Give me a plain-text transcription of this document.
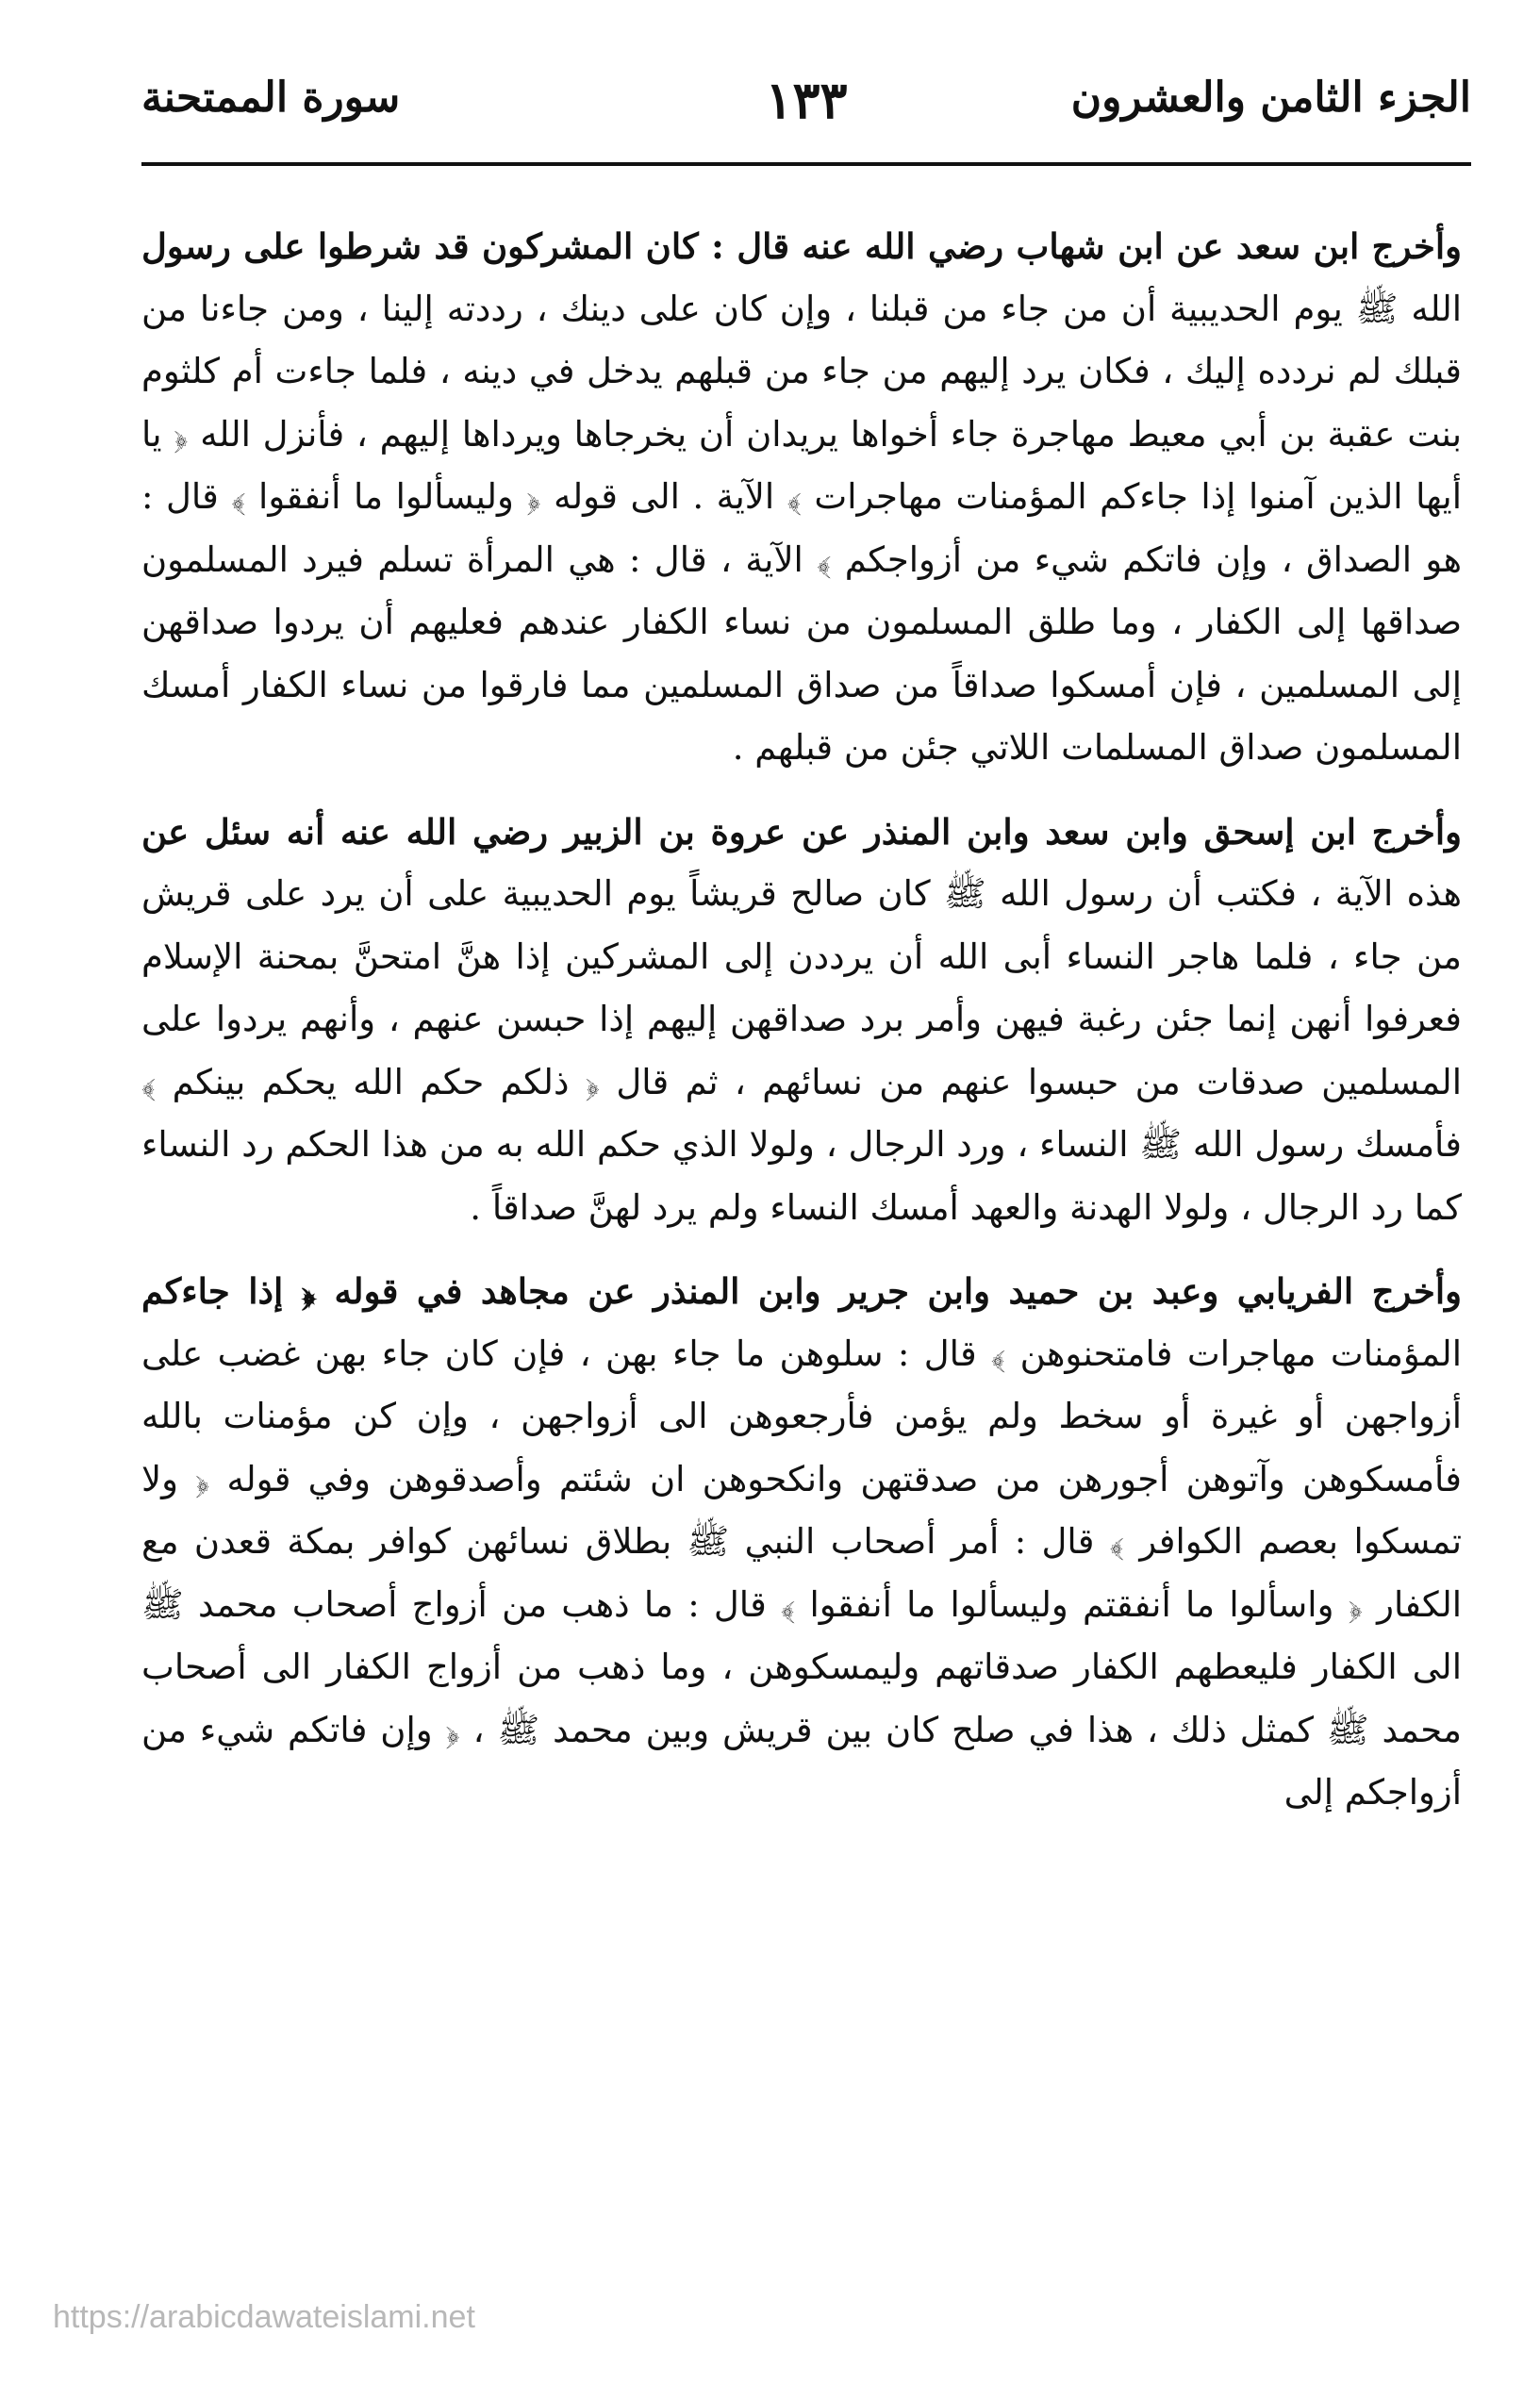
الجزء الثامن والعشرون
١٣٣
سورة الممتحنة

وأخرج ابن سعد عن ابن شهاب رضي الله عنه قال : كان المشركون قد شرطوا على رسول الله ﷺ يوم الحديبية أن من جاء من قبلنا ، وإن كان على دينك ، رددته إلينا ، ومن جاءنا من قبلك لم نردده إليك ، فكان يرد إليهم من جاء من قبلهم يدخل في دينه ، فلما جاءت أم كلثوم بنت عقبة بن أبي معيط مهاجرة جاء أخواها يريدان أن يخرجاها ويرداها إليهم ، فأنزل الله ﴿ يا أيها الذين آمنوا إذا جاءكم المؤمنات مهاجرات ﴾ الآية . الى قوله ﴿ وليسألوا ما أنفقوا ﴾ قال : هو الصداق ، وإن فاتكم شيء من أزواجكم ﴾ الآية ، قال : هي المرأة تسلم فيرد المسلمون صداقها إلى الكفار ، وما طلق المسلمون من نساء الكفار عندهم فعليهم أن يردوا صداقهن إلى المسلمين ، فإن أمسكوا صداقاً من صداق المسلمين مما فارقوا من نساء الكفار أمسك المسلمون صداق المسلمات اللاتي جئن من قبلهم .

وأخرج ابن إسحق وابن سعد وابن المنذر عن عروة بن الزبير رضي الله عنه أنه سئل عن هذه الآية ، فكتب أن رسول الله ﷺ كان صالح قريشاً يوم الحديبية على أن يرد على قريش من جاء ، فلما هاجر النساء أبى الله أن يرددن إلى المشركين إذا هنَّ امتحنَّ بمحنة الإسلام فعرفوا أنهن إنما جئن رغبة فيهن وأمر برد صداقهن إليهم إذا حبسن عنهم ، وأنهم يردوا على المسلمين صدقات من حبسوا عنهم من نسائهم ، ثم قال ﴿ ذلكم حكم الله يحكم بينكم ﴾ فأمسك رسول الله ﷺ النساء ، ورد الرجال ، ولولا الذي حكم الله به من هذا الحكم رد النساء كما رد الرجال ، ولولا الهدنة والعهد أمسك النساء ولم يرد لهنَّ صداقاً .

وأخرج الفريابي وعبد بن حميد وابن جرير وابن المنذر عن مجاهد في قوله ﴿ إذا جاءكم المؤمنات مهاجرات فامتحنوهن ﴾ قال : سلوهن ما جاء بهن ، فإن كان جاء بهن غضب على أزواجهن أو غيرة أو سخط ولم يؤمن فأرجعوهن الى أزواجهن ، وإن كن مؤمنات بالله فأمسكوهن وآتوهن أجورهن من صدقتهن وانكحوهن ان شئتم وأصدقوهن وفي قوله ﴿ ولا تمسكوا بعصم الكوافر ﴾ قال : أمر أصحاب النبي ﷺ بطلاق نسائهن كوافر بمكة قعدن مع الكفار ﴿ واسألوا ما أنفقتم وليسألوا ما أنفقوا ﴾ قال : ما ذهب من أزواج أصحاب محمد ﷺ الى الكفار فليعطهم الكفار صدقاتهم وليمسكوهن ، وما ذهب من أزواج الكفار الى أصحاب محمد ﷺ كمثل ذلك ، هذا في صلح كان بين قريش وبين محمد ﷺ ، ﴿ وإن فاتكم شيء من أزواجكم إلى

https://arabicdawateislami.net
